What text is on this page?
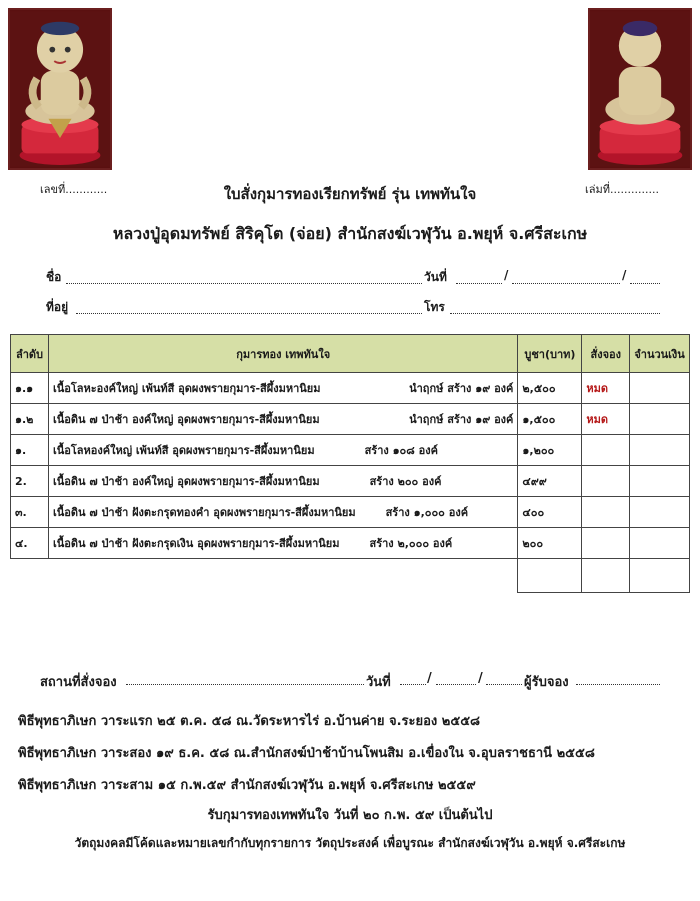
เลขที่............	เล่มที่..............
ใบสั่งกุมารทองเรียกทรัพย์ รุ่น เทพทันใจ
หลวงปู่อุดมทรัพย์ สิริคุโต (จ่อย) สำนักสงฆ์เวฬุวัน อ.พยุห์ จ.ศรีสะเกษ
ชื่อ	วันที่	/	/
ที่อยู่	โทร
ลำดับ	กุมารทอง เทพทันใจ	บูชา(บาท)	สั่งจอง	จำนวนเงิน
๑.๑	เนื้อโลหะองค์ใหญ่ เพ้นท์สี อุดผงพรายกุมาร-สีผึ้งมหานิยม นำฤกษ์ สร้าง ๑๙ องค์	๒,๕๐๐	หมด	
๑.๒	เนื้อดิน ๗ ป่าช้า องค์ใหญ่ อุดผงพรายกุมาร-สีผึ้งมหานิยม นำฤกษ์ สร้าง ๑๙ องค์	๑,๕๐๐	หมด	
๑.	เนื้อโลหองค์ใหญ่ เพ้นท์สี อุดผงพรายกุมาร-สีผึ้งมหานิยม สร้าง ๑๐๘ องค์	๑,๒๐๐		
2.	เนื้อดิน ๗ ป่าช้า องค์ใหญ่ อุดผงพรายกุมาร-สีผึ้งมหานิยม สร้าง ๒๐๐ องค์	๔๙๙		
๓.	เนื้อดิน ๗ ป่าช้า ฝังตะกรุดทองคำ อุดผงพรายกุมาร-สีผึ้งมหานิยม สร้าง ๑,๐๐๐ องค์	๔๐๐		
๔.	เนื้อดิน ๗ ป่าช้า ฝังตะกรุดเงิน อุดผงพรายกุมาร-สีผึ้งมหานิยม สร้าง ๒,๐๐๐ องค์	๒๐๐		

สถานที่สั่งจอง	วันที่	/	/	ผู้รับจอง
พิธีพุทธาภิเษก วาระแรก ๒๕ ต.ค. ๕๘ ณ.วัดระหารไร่ อ.บ้านค่าย จ.ระยอง ๒๕๕๘
พิธีพุทธาภิเษก วาระสอง ๑๙ ธ.ค. ๕๘ ณ.สำนักสงฆ์ป่าช้าบ้านโพนสิม อ.เขื่องใน จ.อุบลราชธานี ๒๕๕๘
พิธีพุทธาภิเษก วาระสาม ๑๕ ก.พ.๕๙ สำนักสงฆ์เวฬุวัน อ.พยุห์ จ.ศรีสะเกษ ๒๕๕๙
รับกุมารทองเทพทันใจ วันที่ ๒๐ ก.พ. ๕๙ เป็นต้นไป
วัตถุมงคลมีโค้ดและหมายเลขกำกับทุกรายการ วัตถุประสงค์ เพื่อบูรณะ สำนักสงฆ์เวฬุวัน อ.พยุห์ จ.ศรีสะเกษ
